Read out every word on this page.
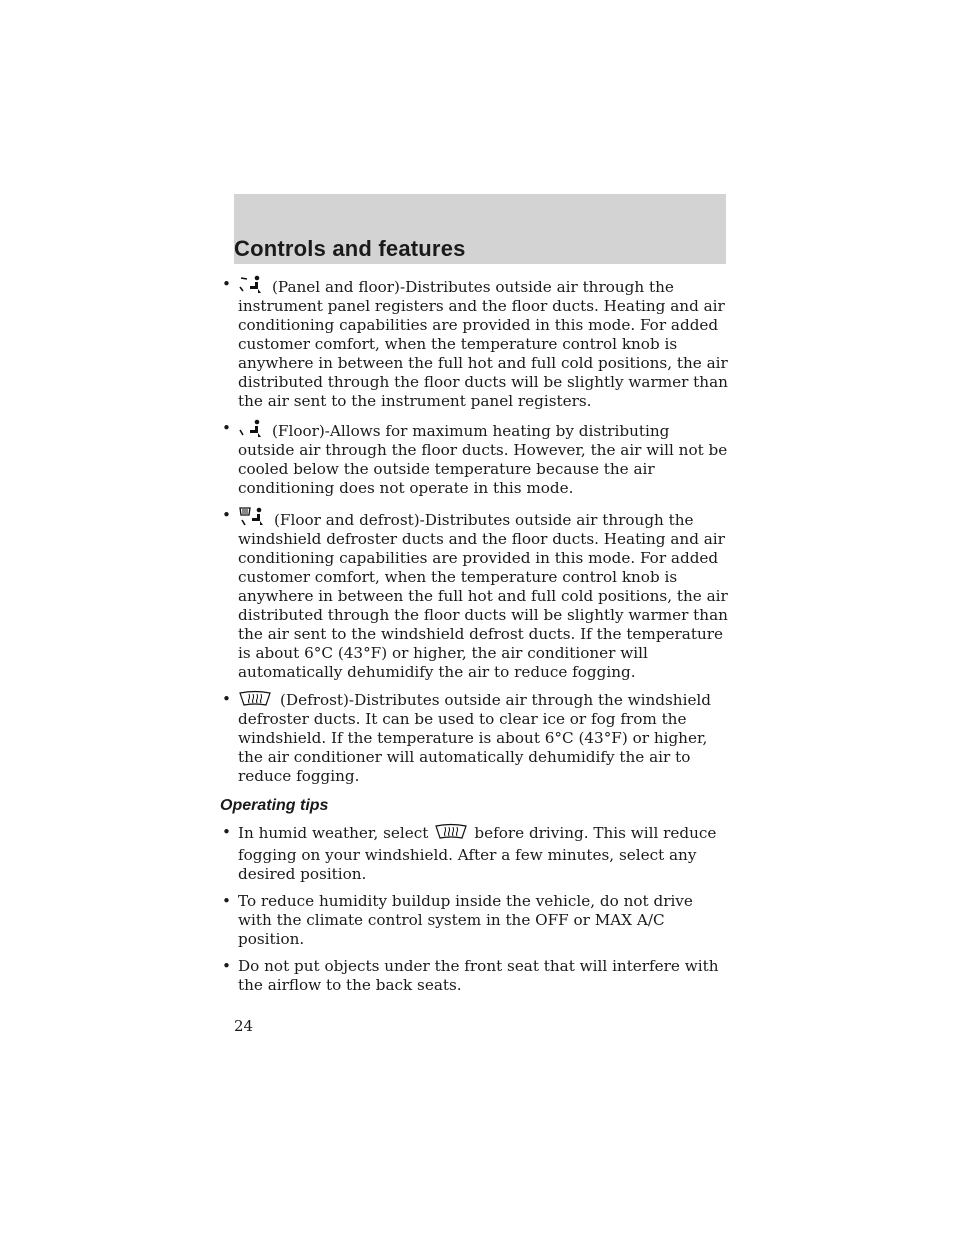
Controls and features
•	(Panel and floor)-Distributes outside air through the instrument panel registers and the floor ducts. Heating and air conditioning capabilities are provided in this mode. For added customer comfort, when the temperature control knob is anywhere in between the full hot and full cold positions, the air distributed through the floor ducts will be slightly warmer than the air sent to the instrument panel registers.
•	(Floor)-Allows for maximum heating by distributing outside air through the floor ducts. However, the air will not be cooled below the outside temperature because the air conditioning does not operate in this mode.
•	(Floor and defrost)-Distributes outside air through the windshield defroster ducts and the floor ducts. Heating and air conditioning capabilities are provided in this mode. For added customer comfort, when the temperature control knob is anywhere in between the full hot and full cold positions, the air distributed through the floor ducts will be slightly warmer than the air sent to the windshield defrost ducts. If the temperature is about 6°C (43°F) or higher, the air conditioner will automatically dehumidify the air to reduce fogging.
•	(Defrost)-Distributes outside air through the windshield defroster ducts. It can be used to clear ice or fog from the windshield. If the temperature is about 6°C (43°F) or higher, the air conditioner will automatically dehumidify the air to reduce fogging.
Operating tips
• In humid weather, select	before driving. This will reduce fogging on your windshield. After a few minutes, select any desired position.
• To reduce humidity buildup inside the vehicle, do not drive with the climate control system in the OFF or MAX A/C position.
• Do not put objects under the front seat that will interfere with the airflow to the back seats.
24
